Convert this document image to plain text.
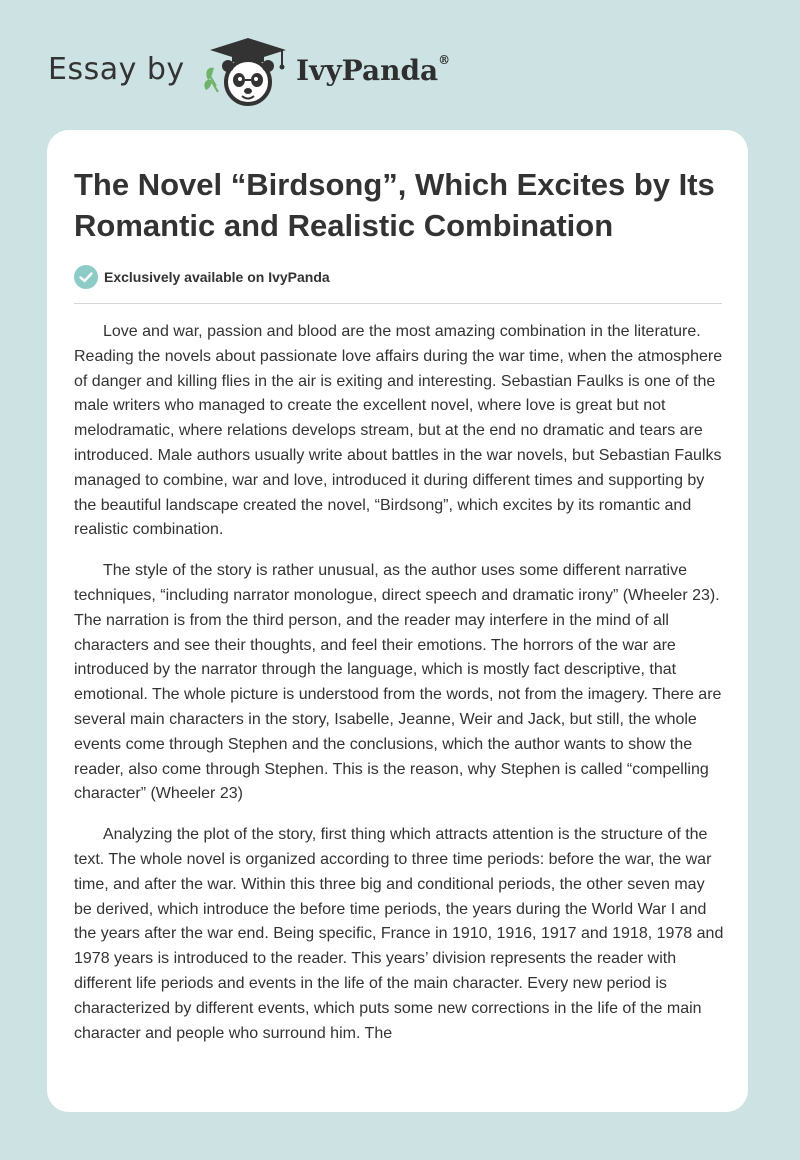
Essay by	IvyPanda®
The Novel “Birdsong”, Which Excites by Its Romantic and Realistic Combination
Exclusively available on IvyPanda

Love and war, passion and blood are the most amazing combination in the literature. Reading the novels about passionate love affairs during the war time, when the atmosphere of danger and killing flies in the air is exiting and interesting. Sebastian Faulks is one of the male writers who managed to create the excellent novel, where love is great but not melodramatic, where relations develops stream, but at the end no dramatic and tears are introduced. Male authors usually write about battles in the war novels, but Sebastian Faulks managed to combine, war and love, introduced it during different times and supporting by the beautiful landscape created the novel, “Birdsong”, which excites by its romantic and realistic combination.

The style of the story is rather unusual, as the author uses some different narrative techniques, “including narrator monologue, direct speech and dramatic irony” (Wheeler 23). The narration is from the third person, and the reader may interfere in the mind of all characters and see their thoughts, and feel their emotions. The horrors of the war are introduced by the narrator through the language, which is mostly fact descriptive, that emotional. The whole picture is understood from the words, not from the imagery. There are several main characters in the story, Isabelle, Jeanne, Weir and Jack, but still, the whole events come through Stephen and the conclusions, which the author wants to show the reader, also come through Stephen. This is the reason, why Stephen is called “compelling character” (Wheeler 23)

Analyzing the plot of the story, first thing which attracts attention is the structure of the text. The whole novel is organized according to three time periods: before the war, the war time, and after the war. Within this three big and conditional periods, the other seven may be derived, which introduce the before time periods, the years during the World War I and the years after the war end. Being specific, France in 1910, 1916, 1917 and 1918, 1978 and 1978 years is introduced to the reader. This years’ division represents the reader with different life periods and events in the life of the main character. Every new period is characterized by different events, which puts some new corrections in the life of the main character and people who surround him. The
